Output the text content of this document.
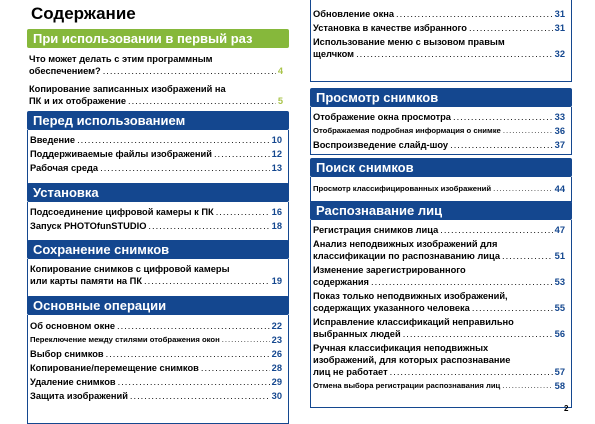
Содержание
При использовании в первый раз
Что может делать с этим программным
обеспечением? .....	4
Копирование записанных изображений на
ПК и их отображение .....	5
Перед использованием
Введение .....	10
Поддерживаемые файлы изображений .....	12
Рабочая среда .....	13
Установка
Подсоединение цифровой камеры к ПК .....	16
Запуск PHOTOfunSTUDIO .....	18
Сохранение снимков
Копирование снимков с цифровой камеры
или карты памяти на ПК .....	19
Основные операции
Об основном окне .....	22
Переключение между стилями отображения окон .....	23
Выбор снимков .....	26
Копирование/перемещение снимков .....	28
Удаление снимков .....	29
Защита изображений .....	30
Обновление окна .....	31
Установка в качестве избранного .....	31
Использование меню с вызовом правым
щелчком .....	32
Просмотр снимков
Отображение окна просмотра .....	33
Отображаемая подробная информация о снимке .....	36
Воспроизведение слайд-шоу .....	37
Поиск снимков
Просмотр классифицированных изображений .....	44
Распознавание лиц
Регистрация снимков лица .....	47
Анализ неподвижных изображений для
классификации по распознаванию лица .....	51
Изменение зарегистрированного
содержания .....	53
Показ только неподвижных изображений,
содержащих указанного человека .....	55
Исправление классификаций неправильно
выбранных людей .....	56
Ручная классификация неподвижных
изображений, для которых распознавание
лиц не работает .....	57
Отмена выбора регистрации распознавания лиц .....	58
2
